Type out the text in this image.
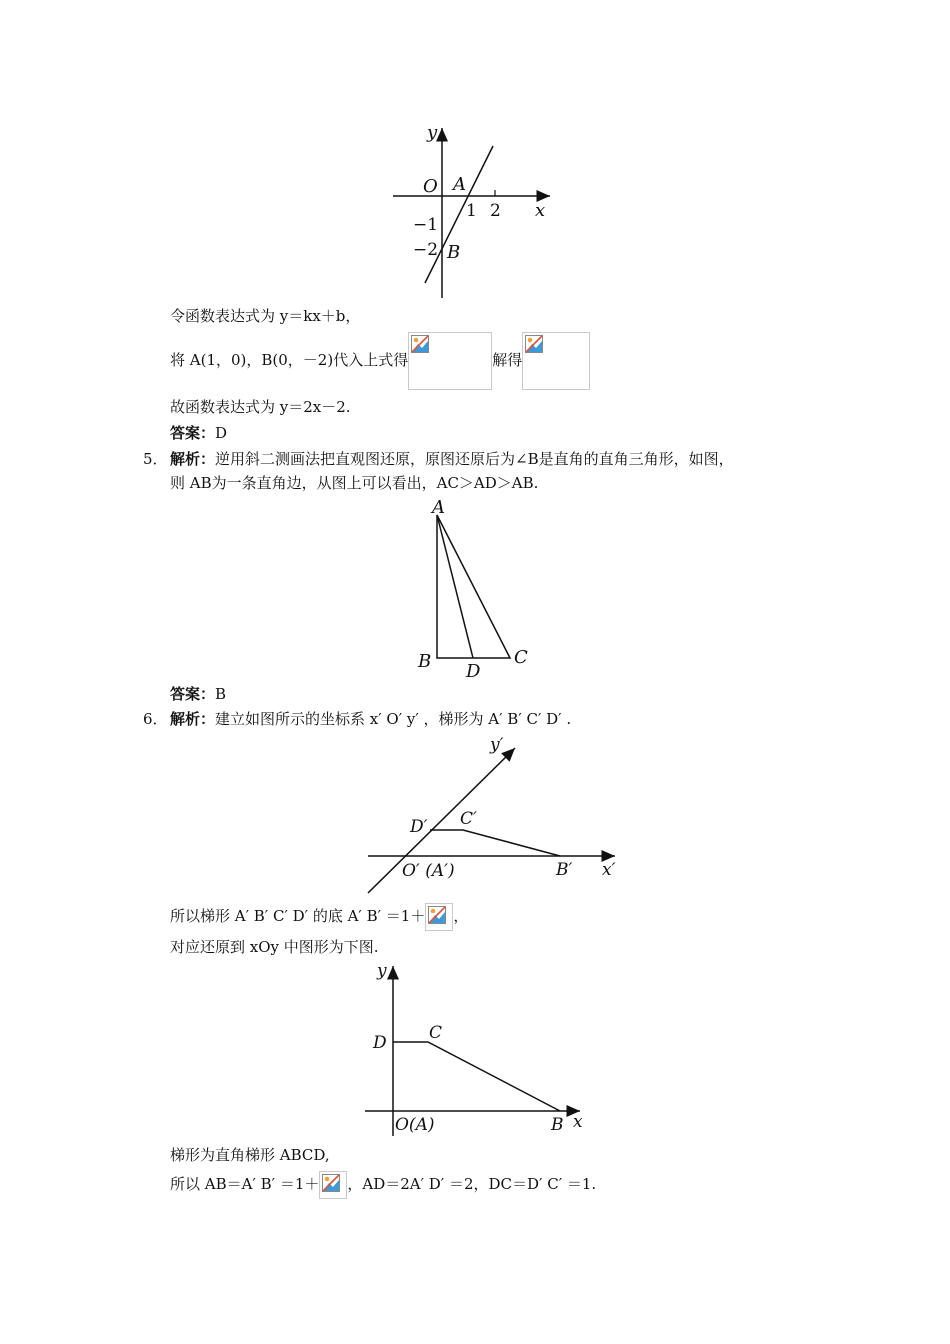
y
O A
1 2 x
−1
−2 B
令函数表达式为 y＝kx＋b，
将 A(1，0)，B(0，－2)代入上式得	解得
故函数表达式为 y＝2x－2.
答案：D
5． 解析：逆用斜二测画法把直观图还原，原图还原后为∠B是直角的直角三角形，如图，
则 AB为一条直角边，从图上可以看出，AC＞AD＞AB.
A
B D
C
答案：B
6． 解析：建立如图所示的坐标系 x′ O′ y′ ，梯形为 A′ B′ C′ D′ .
y′
D′ C′
O′ (A′)	B′ x′
所以梯形 A′ B′ C′ D′ 的底 A′ B′ ＝1＋ ，
对应还原到 xOy 中图形为下图.
y
D C
O(A)	B x
梯形为直角梯形 ABCD,
所以 AB＝A′ B′ ＝1＋ ，AD＝2A′ D′ ＝2，DC＝D′ C′ ＝1.
